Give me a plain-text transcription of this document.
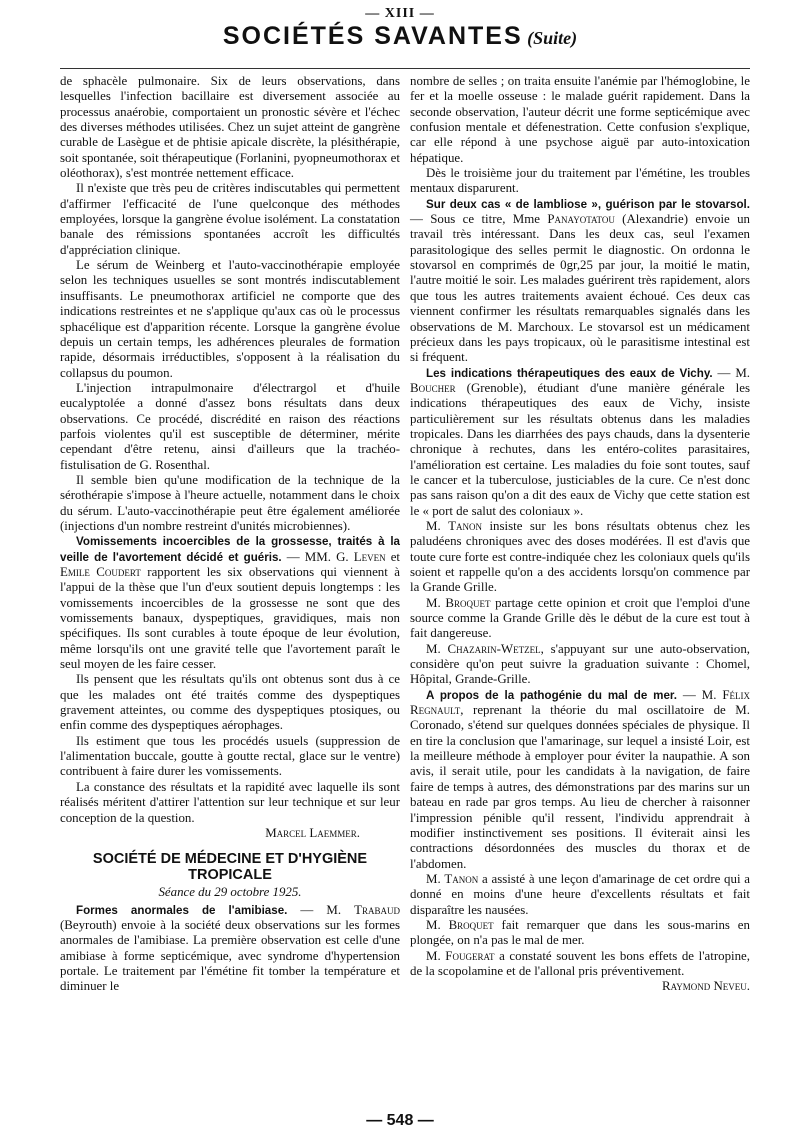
— XIII —
SOCIÉTÉS SAVANTES (Suite)

de sphacèle pulmonaire. Six de leurs observations, dans lesquelles l'infection bacillaire est diversement associée au processus anaérobie, comportaient un pronostic sévère et l'échec des diverses méthodes utilisées. Chez un sujet atteint de gangrène curable de Lasègue et de phtisie apicale discrète, la plésithérapie, soit spontanée, soit thérapeutique (Forlanini, pyopneumothorax et oléothorax), s'est montrée nettement efficace.

Il n'existe que très peu de critères indiscutables qui permettent d'affirmer l'efficacité de l'une quelconque des méthodes employées, lorsque la gangrène évolue isolément. La constatation banale des rémissions spontanées accroît les difficultés d'appréciation clinique.

Le sérum de Weinberg et l'auto-vaccinothérapie employée selon les techniques usuelles se sont montrés indiscutablement insuffisants. Le pneumothorax artificiel ne comporte que des indications restreintes et ne s'applique qu'aux cas où le processus sphacélique est d'apparition récente. Lorsque la gangrène évolue depuis un certain temps, les adhérences pleurales de formation rapide, désormais irréductibles, s'opposent à la réalisation du collapsus du poumon.

L'injection intrapulmonaire d'électrargol et d'huile eucalyptolée a donné d'assez bons résultats dans deux observations. Ce procédé, discrédité en raison des réactions parfois violentes qu'il est susceptible de déterminer, mérite cependant d'être retenu, ainsi d'ailleurs que la trachéo-fistulisation de G. Rosenthal.

Il semble bien qu'une modification de la technique de la sérothérapie s'impose à l'heure actuelle, notamment dans le choix du sérum. L'auto-vaccinothérapie peut être également améliorée (injections d'un nombre restreint d'unités microbiennes).

Vomissements incoercibles de la grossesse, traités à la veille de l'avortement décidé et guéris. — MM. G. Leven et Emile Coudert rapportent les six observations qui viennent à l'appui de la thèse que l'un d'eux soutient depuis longtemps : les vomissements incoercibles de la grossesse ne sont que des vomissements banaux, dyspeptiques, gravidiques, mais non spécifiques. Ils sont curables à toute époque de leur évolution, même lorsqu'ils ont une gravité telle que l'avortement paraît le seul moyen de les faire cesser.

Ils pensent que les résultats qu'ils ont obtenus sont dus à ce que les malades ont été traités comme des dyspeptiques gravement atteintes, ou comme des dyspeptiques ptosiques, ou enfin comme des dyspeptiques aérophages.

Ils estiment que tous les procédés usuels (suppression de l'alimentation buccale, goutte à goutte rectal, glace sur le ventre) contribuent à faire durer les vomissements.

La constance des résultats et la rapidité avec laquelle ils sont réalisés méritent d'attirer l'attention sur leur technique et sur leur conception de la question.

Marcel Laemmer.

SOCIÉTÉ DE MÉDECINE ET D'HYGIÈNE
TROPICALE

Séance du 29 octobre 1925.

Formes anormales de l'amibiase. — M. Trabaud (Beyrouth) envoie à la société deux observations sur les formes anormales de l'amibiase. La première observation est celle d'une amibiase à forme septicémique, avec syndrome d'hypertension portale. Le traitement par l'émétine fit tomber la température et diminuer le

nombre de selles ; on traita ensuite l'anémie par l'hémoglobine, le fer et la moelle osseuse : le malade guérit rapidement. Dans la seconde observation, l'auteur décrit une forme septicémique avec confusion mentale et défenestration. Cette confusion s'explique, car elle répond à une psychose aiguë par auto-intoxication hépatique.

Dès le troisième jour du traitement par l'émétine, les troubles mentaux disparurent.

Sur deux cas « de lambliose », guérison par le stovarsol. — Sous ce titre, Mme Panayotatou (Alexandrie) envoie un travail très intéressant. Dans les deux cas, seul l'examen parasitologique des selles permit le diagnostic. On ordonna le stovarsol en comprimés de 0gr,25 par jour, la moitié le matin, l'autre moitié le soir. Les malades guérirent très rapidement, alors que tous les autres traitements avaient échoué. Ces deux cas viennent confirmer les résultats remarquables signalés dans les observations de M. Marchoux. Le stovarsol est un médicament précieux dans les pays tropicaux, où le parasitisme intestinal est si fréquent.

Les indications thérapeutiques des eaux de Vichy. — M. Boucher (Grenoble), étudiant d'une manière générale les indications thérapeutiques des eaux de Vichy, insiste particulièrement sur les résultats obtenus dans les maladies tropicales. Dans les diarrhées des pays chauds, dans la dysenterie chronique à rechutes, dans les entéro-colites parasitaires, l'amélioration est certaine. Les maladies du foie sont toutes, sauf le cancer et la tuberculose, justiciables de la cure. Ce n'est donc pas sans raison qu'on a dit des eaux de Vichy que cette station est le « port de salut des coloniaux ».

M. Tanon insiste sur les bons résultats obtenus chez les paludéens chroniques avec des doses modérées. Il est d'avis que toute cure forte est contre-indiquée chez les coloniaux quels qu'ils soient et rappelle qu'on a des accidents lorsqu'on commence par la Grande Grille.

M. Broquet partage cette opinion et croit que l'emploi d'une source comme la Grande Grille dès le début de la cure est tout à fait dangereuse.

M. Chazarin-Wetzel, s'appuyant sur une auto-observation, considère qu'on peut suivre la graduation suivante : Chomel, Hôpital, Grande-Grille.

A propos de la pathogénie du mal de mer. — M. Félix Regnault, reprenant la théorie du mal oscillatoire de M. Coronado, s'étend sur quelques données spéciales de physique. Il en tire la conclusion que l'amarinage, sur lequel a insisté Loir, est la meilleure méthode à employer pour éviter la naupathie. A son avis, il serait utile, pour les candidats à la navigation, de faire faire de temps à autres, des démonstrations par des marins sur un bateau en rade par gros temps. Au lieu de chercher à raisonner l'impression pénible qu'il ressent, l'individu apprendrait à modifier instinctivement ses positions. Il éviterait ainsi les contractions désordonnées des muscles du thorax et de l'abdomen.

M. Tanon a assisté à une leçon d'amarinage de cet ordre qui a donné en moins d'une heure d'excellents résultats et fait disparaître les nausées.

M. Broquet fait remarquer que dans les sous-marins en plongée, on n'a pas le mal de mer.

M. Fougerat a constaté souvent les bons effets de l'atropine, de la scopolamine et de l'allonal pris préventivement.

Raymond Neveu.

— 548 —
